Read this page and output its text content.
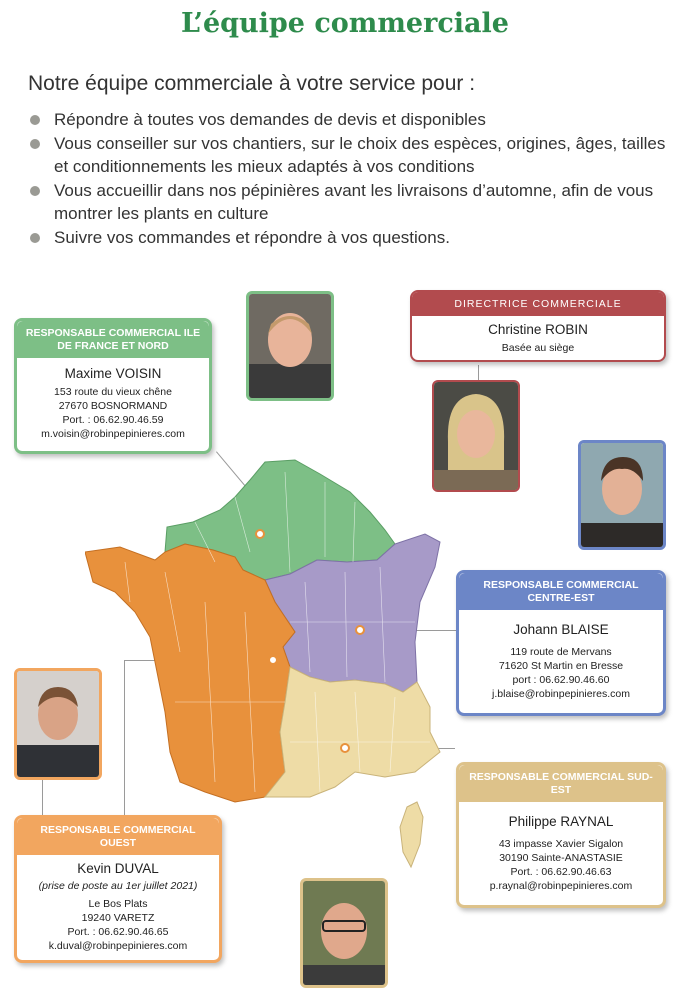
L’équipe commerciale
Notre équipe commerciale à votre service pour :
Répondre à toutes vos demandes de devis et disponibles
Vous conseiller sur vos chantiers, sur le choix des espèces, origines, âges, tailles et conditionnements les mieux adaptés à vos conditions
Vous accueillir dans nos pépinières avant les livraisons d’automne, afin de vous montrer les plants en culture
Suivre vos commandes et répondre à vos questions.
DIRECTRICE COMMERCIALE
Christine ROBIN
Basée au siège
RESPONSABLE COMMERCIAL ILE DE FRANCE ET NORD
Maxime VOISIN
153 route du vieux chêne
27670 BOSNORMAND
Port. : 06.62.90.46.59
m.voisin@robinpepinieres.com
RESPONSABLE COMMERCIAL CENTRE-EST
Johann BLAISE
119 route de Mervans
71620 St Martin en Bresse
port : 06.62.90.46.60
j.blaise@robinpepinieres.com
RESPONSABLE COMMERCIAL SUD-EST
Philippe RAYNAL
43 impasse Xavier Sigalon
30190 Sainte-ANASTASIE
Port. : 06.62.90.46.63
p.raynal@robinpepinieres.com
RESPONSABLE COMMERCIAL OUEST
Kevin DUVAL
(prise de poste au 1er juillet 2021)
Le Bos Plats
19240 VARETZ
Port. : 06.62.90.46.65
k.duval@robinpepinieres.com
